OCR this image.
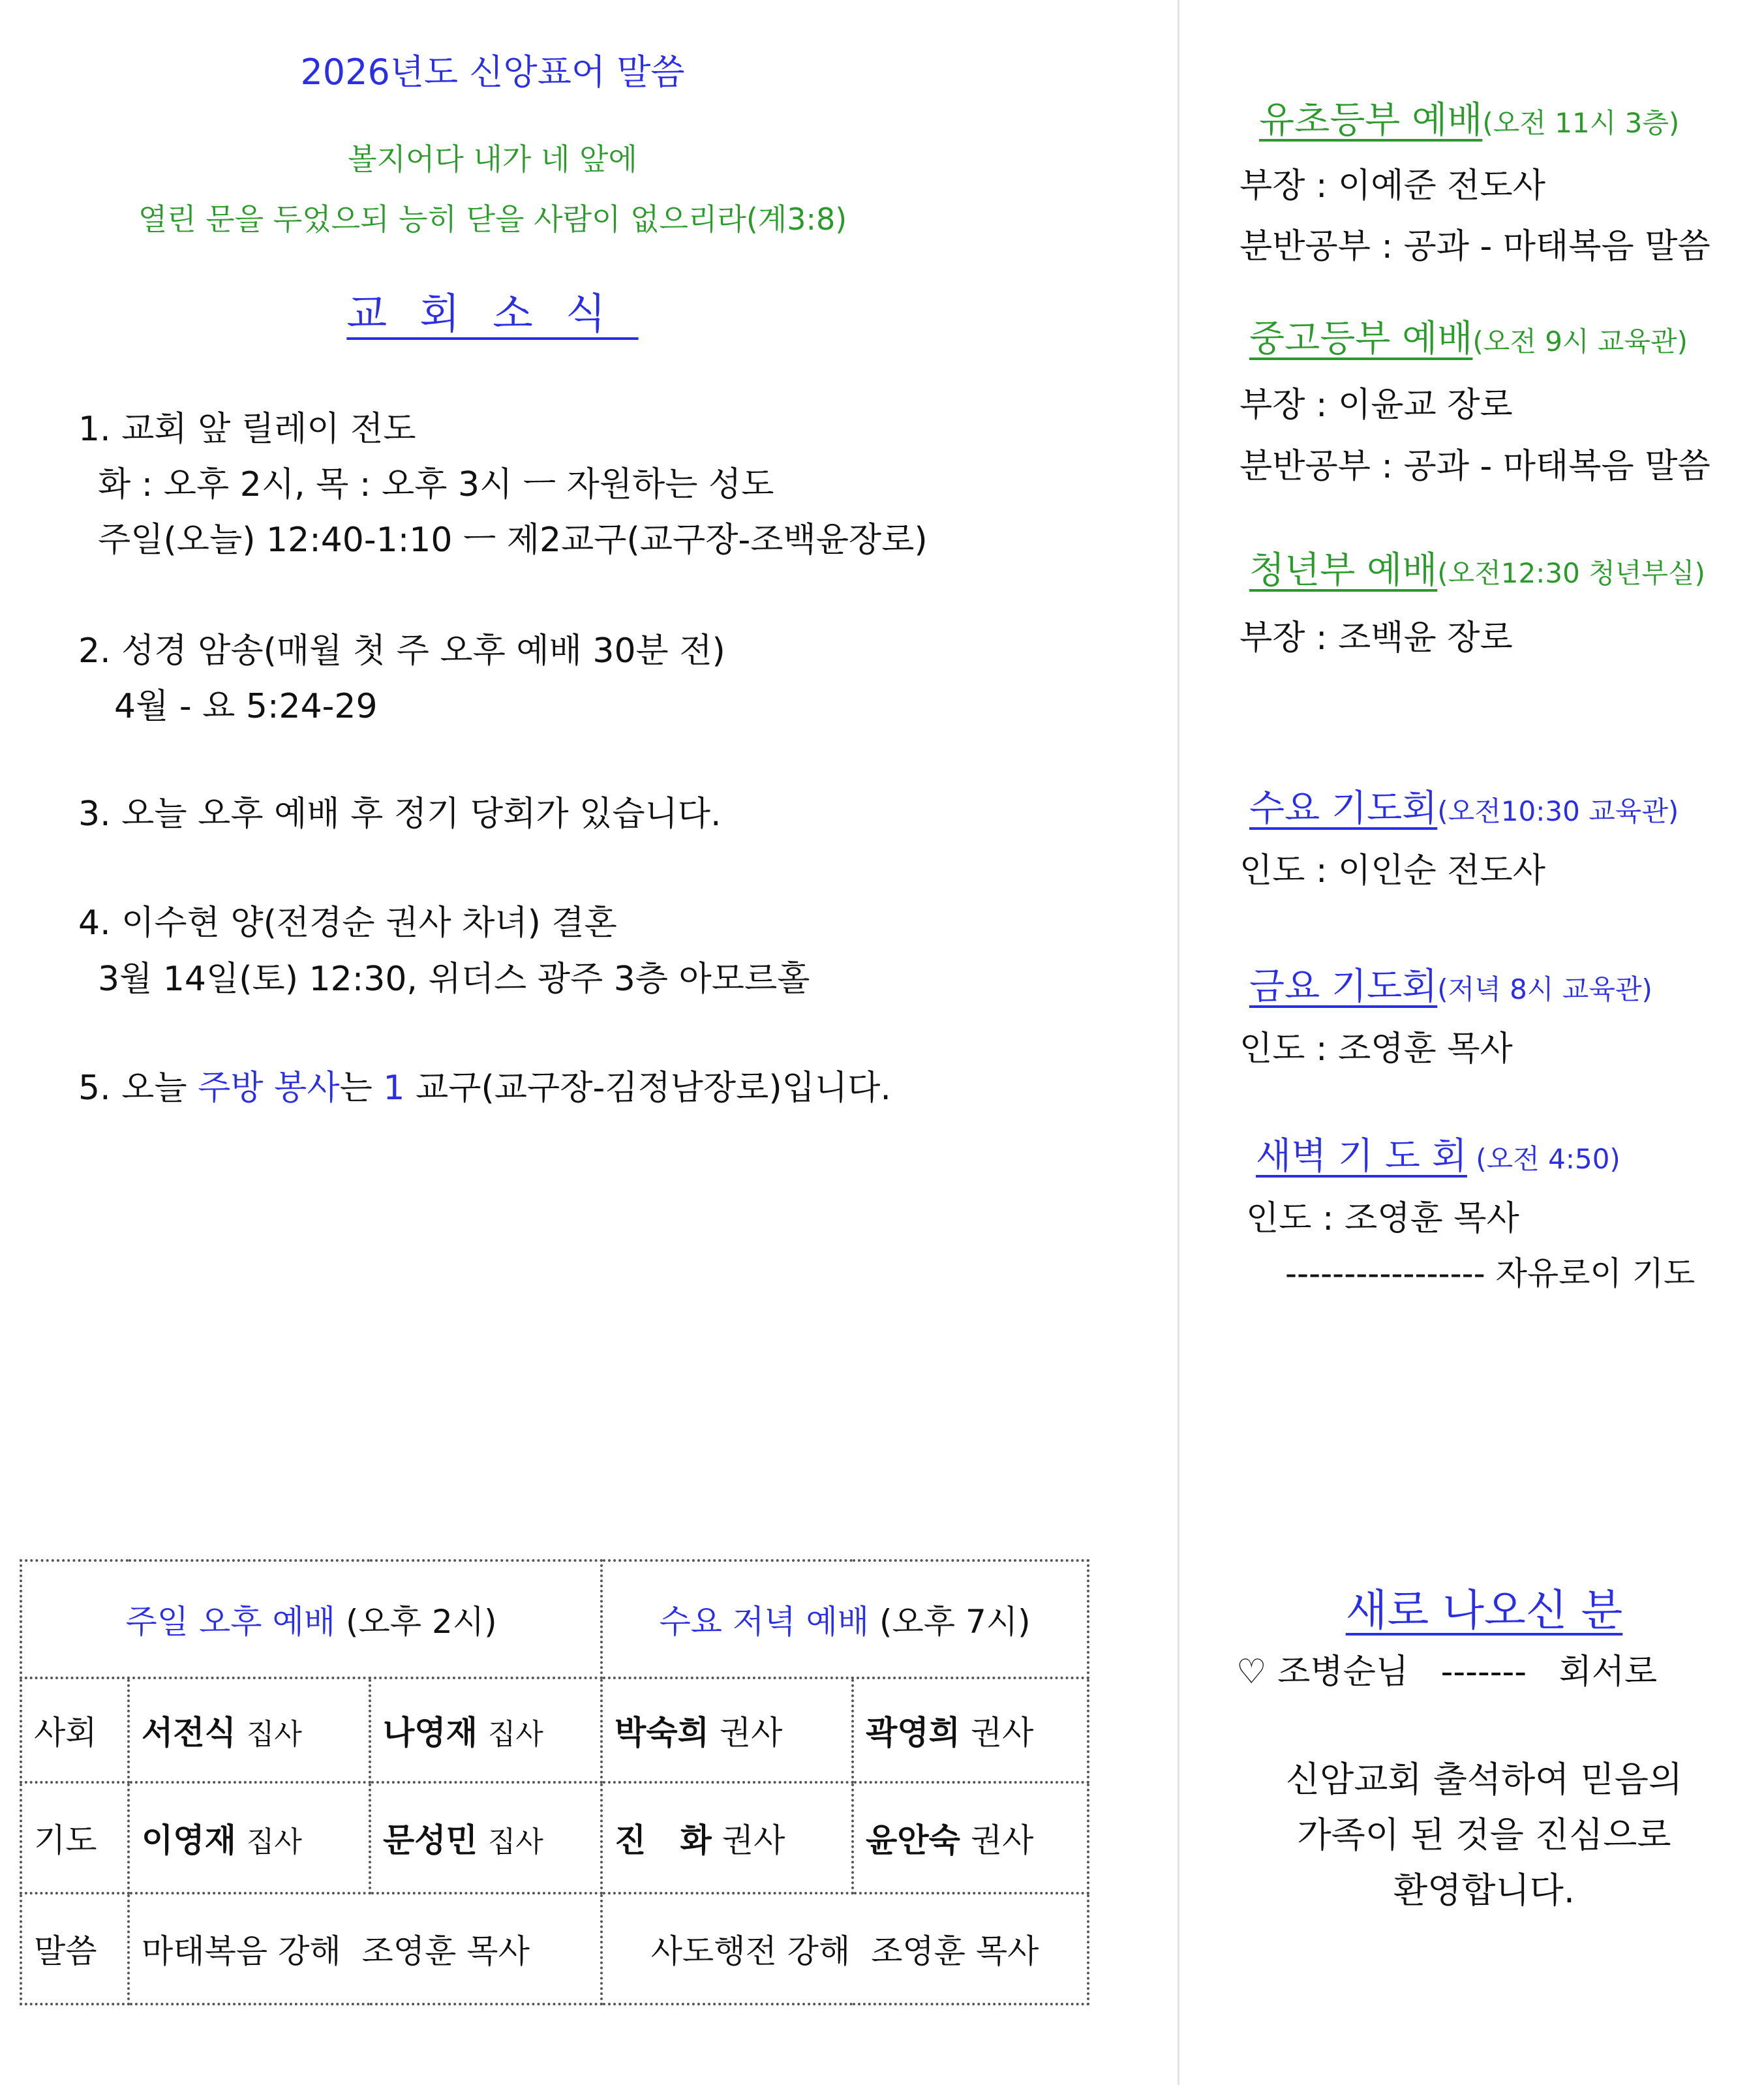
2026년도 신앙표어 말씀
볼지어다 내가 네 앞에
열린 문을 두었으되 능히 닫을 사람이 없으리라(계3:8)
교회소식
1. 교회 앞 릴레이 전도
화 : 오후 2시, 목 : 오후 3시 ㅡ 자원하는 성도
주일(오늘) 12:40-1:10 ㅡ 제2교구(교구장-조백윤장로)
2. 성경 암송(매월 첫 주 오후 예배 30분 전)
4월 - 요 5:24-29
3. 오늘 오후 예배 후 정기 당회가 있습니다.
4. 이수현 양(전경순 권사 차녀) 결혼
3월 14일(토) 12:30, 위더스 광주 3층 아모르홀
5. 오늘 주방 봉사는 1 교구(교구장-김정남장로)입니다.
주일 오후 예배 (오후 2시)			수요 저녁 예배 (오후 7시)	
사회	서전식 집사	나영재 집사	박숙희 권사	곽영희 권사
기도	이영재 집사	문성민 집사	진   화 권사	윤안숙 권사
말씀	마태복음 강해  조영훈 목사		사도행전 강해  조영훈 목사	
유초등부 예배(오전 11시 3층)
부장 : 이예준 전도사
분반공부 : 공과 - 마태복음 말씀
중고등부 예배(오전 9시 교육관)
부장 : 이윤교 장로
분반공부 : 공과 - 마태복음 말씀
청년부 예배(오전12:30 청년부실)
부장 : 조백윤 장로
수요 기도회(오전10:30 교육관)
인도 : 이인순 전도사
금요 기도회(저녁 8시 교육관)
인도 : 조영훈 목사
새벽 기 도 회 (오전 4:50)
인도 : 조영훈 목사
----------------- 자유로이 기도
새로 나오신 분
♡ 조병순님   -------   회서로
신암교회 출석하여 믿음의
가족이 된 것을 진심으로
환영합니다.
